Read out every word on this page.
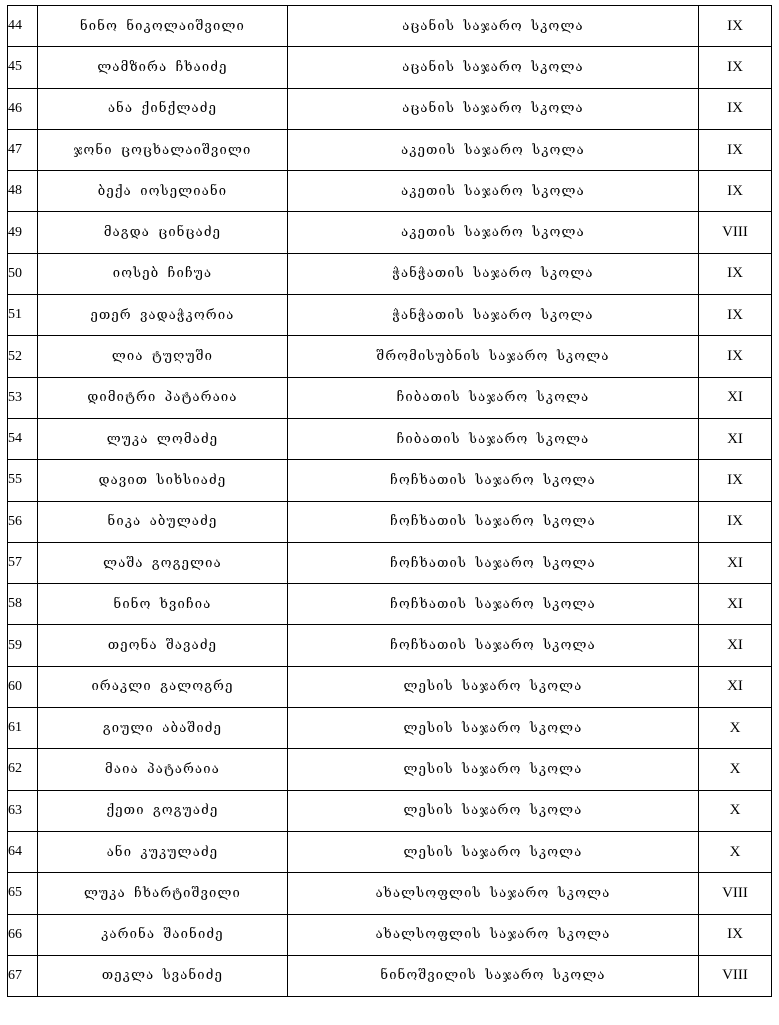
44	ნინო ნიკოლაიშვილი	აცანის საჯარო სკოლა	IX
45	ლამზირა ჩხაიძე	აცანის საჯარო სკოლა	IX
46	ანა ქინქლაძე	აცანის საჯარო სკოლა	IX
47	ჯონი ცოცხალაიშვილი	აკეთის საჯარო სკოლა	IX
48	ბექა იოსელიანი	აკეთის საჯარო სკოლა	IX
49	მაგდა ცინცაძე	აკეთის საჯარო სკოლა	VIII
50	იოსებ ჩიჩუა	ჭანჭათის საჯარო სკოლა	IX
51	ეთერ ვადაჭკორია	ჭანჭათის საჯარო სკოლა	IX
52	ლია ტუღუში	შრომისუბნის საჯარო სკოლა	IX
53	დიმიტრი პატარაია	ჩიბათის საჯარო სკოლა	XI
54	ლუკა ლომაძე	ჩიბათის საჯარო სკოლა	XI
55	დავით სიხსიაძე	ჩოჩხათის საჯარო სკოლა	IX
56	ნიკა აბულაძე	ჩოჩხათის საჯარო სკოლა	IX
57	ლაშა გოგელია	ჩოჩხათის საჯარო სკოლა	XI
58	ნინო ხვიჩია	ჩოჩხათის საჯარო სკოლა	XI
59	თეონა შავაძე	ჩოჩხათის საჯარო სკოლა	XI
60	ირაკლი გალოგრე	ლესის საჯარო სკოლა	XI
61	გიული აბაშიძე	ლესის საჯარო სკოლა	X
62	მაია პატარაია	ლესის საჯარო სკოლა	X
63	ქეთი გოგუაძე	ლესის საჯარო სკოლა	X
64	ანი კუკულაძე	ლესის საჯარო სკოლა	X
65	ლუკა ჩხარტიშვილი	ახალსოფლის საჯარო სკოლა	VIII
66	კარინა შაინიძე	ახალსოფლის საჯარო სკოლა	IX
67	თეკლა სვანიძე	ნინოშვილის საჯარო სკოლა	VIII
